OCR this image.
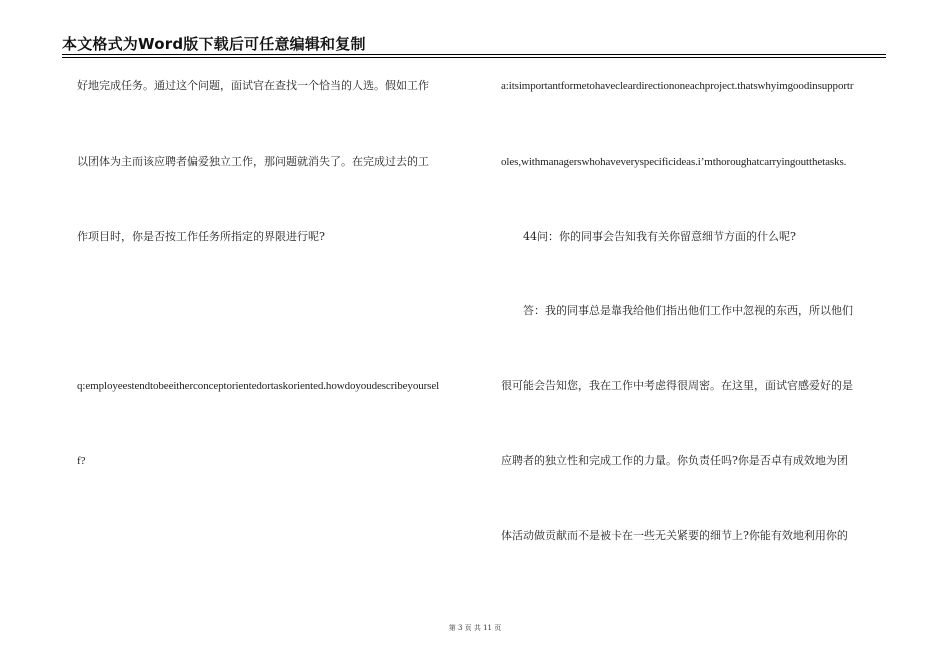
本文格式为Word版下载后可任意编辑和复制
好地完成任务。通过这个问题，面试官在查找一个恰当的人选。假如工作
以团体为主而该应聘者偏爱独立工作，那问题就消失了。在完成过去的工
作项目时，你是否按工作任务所指定的界限进行呢?
q:employeestendtobeeitherconceptorientedortaskoriented.howdoyoudescribeyoursel
f?
a:itsimportantformetohavecleardirectiononeachproject.thatswhyimgoodinsupportr
oles,withmanagerswhohaveveryspecificideas.i’mthoroughatcarryingoutthetasks.
44问：你的同事会告知我有关你留意细节方面的什么呢?
答：我的同事总是靠我给他们指出他们工作中忽视的东西，所以他们
很可能会告知您，我在工作中考虑得很周密。在这里，面试官感爱好的是
应聘者的独立性和完成工作的力量。你负责任吗?你是否卓有成效地为团
体活动做贡献而不是被卡在一些无关紧要的细节上?你能有效地利用你的
第 3 页 共 11 页
